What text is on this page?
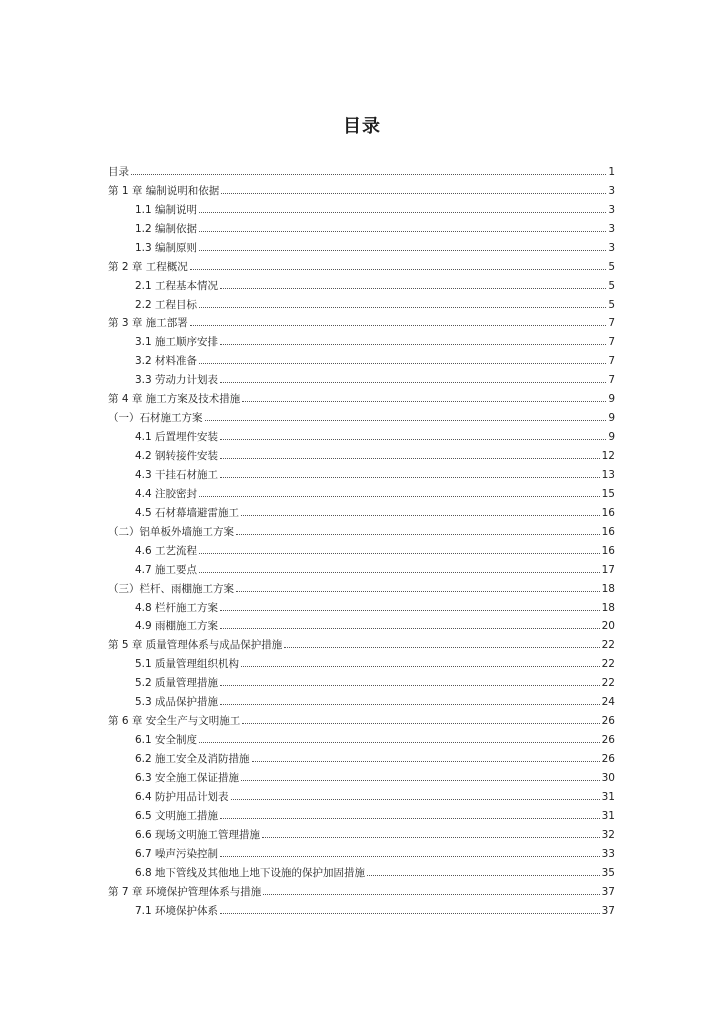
目录
目录	1
第 1 章 编制说明和依据	3
1.1 编制说明	3
1.2 编制依据	3
1.3 编制原则	3
第 2 章 工程概况	5
2.1 工程基本情况	5
2.2 工程目标	5
第 3 章 施工部署	7
3.1 施工顺序安排	7
3.2 材料准备	7
3.3 劳动力计划表	7
第 4 章 施工方案及技术措施	9
（一）石材施工方案	9
4.1 后置埋件安装	9
4.2 钢转接件安装	12
4.3 干挂石材施工	13
4.4 注胶密封	15
4.5 石材幕墙避雷施工	16
（二）铝单板外墙施工方案	16
4.6 工艺流程	16
4.7 施工要点	17
（三）栏杆、雨棚施工方案	18
4.8 栏杆施工方案	18
4.9 雨棚施工方案	20
第 5 章 质量管理体系与成品保护措施	22
5.1 质量管理组织机构	22
5.2 质量管理措施	22
5.3 成品保护措施	24
第 6 章 安全生产与文明施工	26
6.1 安全制度	26
6.2 施工安全及消防措施	26
6.3 安全施工保证措施	30
6.4 防护用品计划表	31
6.5 文明施工措施	31
6.6 现场文明施工管理措施	32
6.7 噪声污染控制	33
6.8 地下管线及其他地上地下设施的保护加固措施	35
第 7 章 环境保护管理体系与措施	37
7.1 环境保护体系	37
